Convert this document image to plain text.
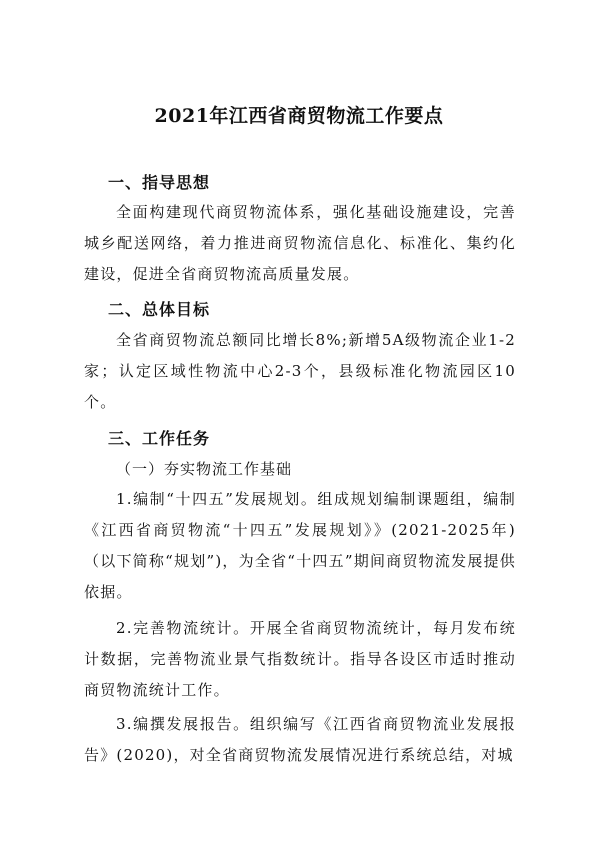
2021年江西省商贸物流工作要点
一、指导思想
全面构建现代商贸物流体系，强化基础设施建设，完善城乡配送网络，着力推进商贸物流信息化、标准化、集约化建设，促进全省商贸物流高质量发展。
二、总体目标
全省商贸物流总额同比增长8%;新增5A级物流企业1-2家；认定区域性物流中心2-3个，县级标准化物流园区10个。
三、工作任务
（一）夯实物流工作基础
1.编制“十四五”发展规划。组成规划编制课题组，编制《江西省商贸物流“十四五”发展规划》》(2021-2025年)（以下简称“规划”)，为全省“十四五”期间商贸物流发展提供依据。
2.完善物流统计。开展全省商贸物流统计，每月发布统计数据，完善物流业景气指数统计。指导各设区市适时推动商贸物流统计工作。
3.编撰发展报告。组织编写《江西省商贸物流业发展报告》(2020)，对全省商贸物流发展情况进行系统总结，对城
